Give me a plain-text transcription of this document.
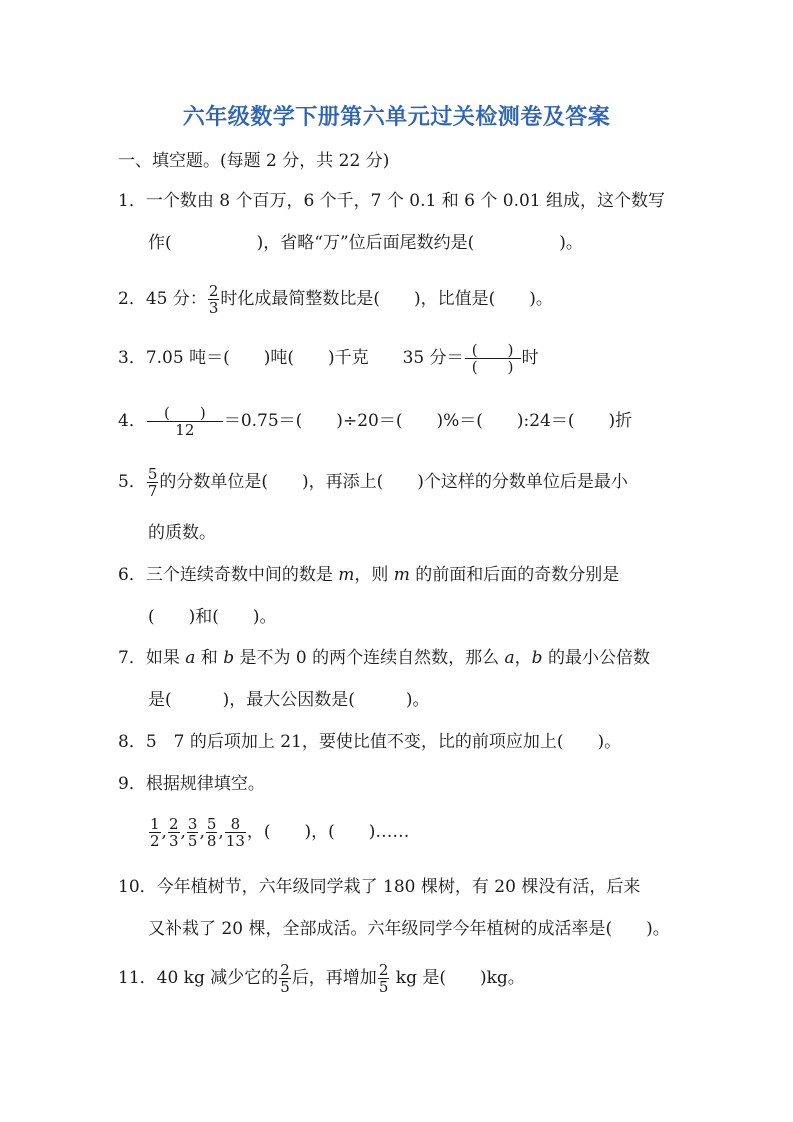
六年级数学下册第六单元过关检测卷及答案
一、填空题。(每题 2 分，共 22 分)
1．一个数由 8 个百万，6 个千，7 个 0.1 和 6 个 0.01 组成，这个数写
作(　　　　　)，省略“万”位后面尾数约是(　　　　　)。
2．45 分： $\frac{2}{3}$ 时化成最简整数比是(　　)，比值是(　　)。
3．7.05 吨＝(　　)吨(　　)千克　　35 分＝ $\frac{( )}{( )}$ 时
4． $\frac{( )}{12} =0.75=$(　　)÷20＝(　　)%＝(　　):24＝(　　)折
5． $\frac{5}{7}$ 的分数单位是(　　)，再添上(　　)个这样的分数单位后是最小
的质数。
6．三个连续奇数中间的数是 m，则 m 的前面和后面的奇数分别是
(　　)和(　　)。
7．如果 a 和 b 是不为 0 的两个连续自然数，那么 a，b 的最小公倍数
是(　　　)，最大公因数是(　　　)。
8．5　7 的后项加上 21，要使比值不变，比的前项应加上(　　)。
9．根据规律填空。
$\frac{1}{2}$ , $\frac{2}{3}$ , $\frac{3}{5}$ , $\frac{5}{8}$ , $\frac{8}{13}$ ，(　　)，(　　)……
10．今年植树节，六年级同学栽了 180 棵树，有 20 棵没有活，后来
又补栽了 20 棵，全部成活。六年级同学今年植树的成活率是(　　)。
11．40 kg 减少它的 $\frac{2}{5}$ 后，再增加 $\frac{2}{5}$ kg 是(　　)kg。
